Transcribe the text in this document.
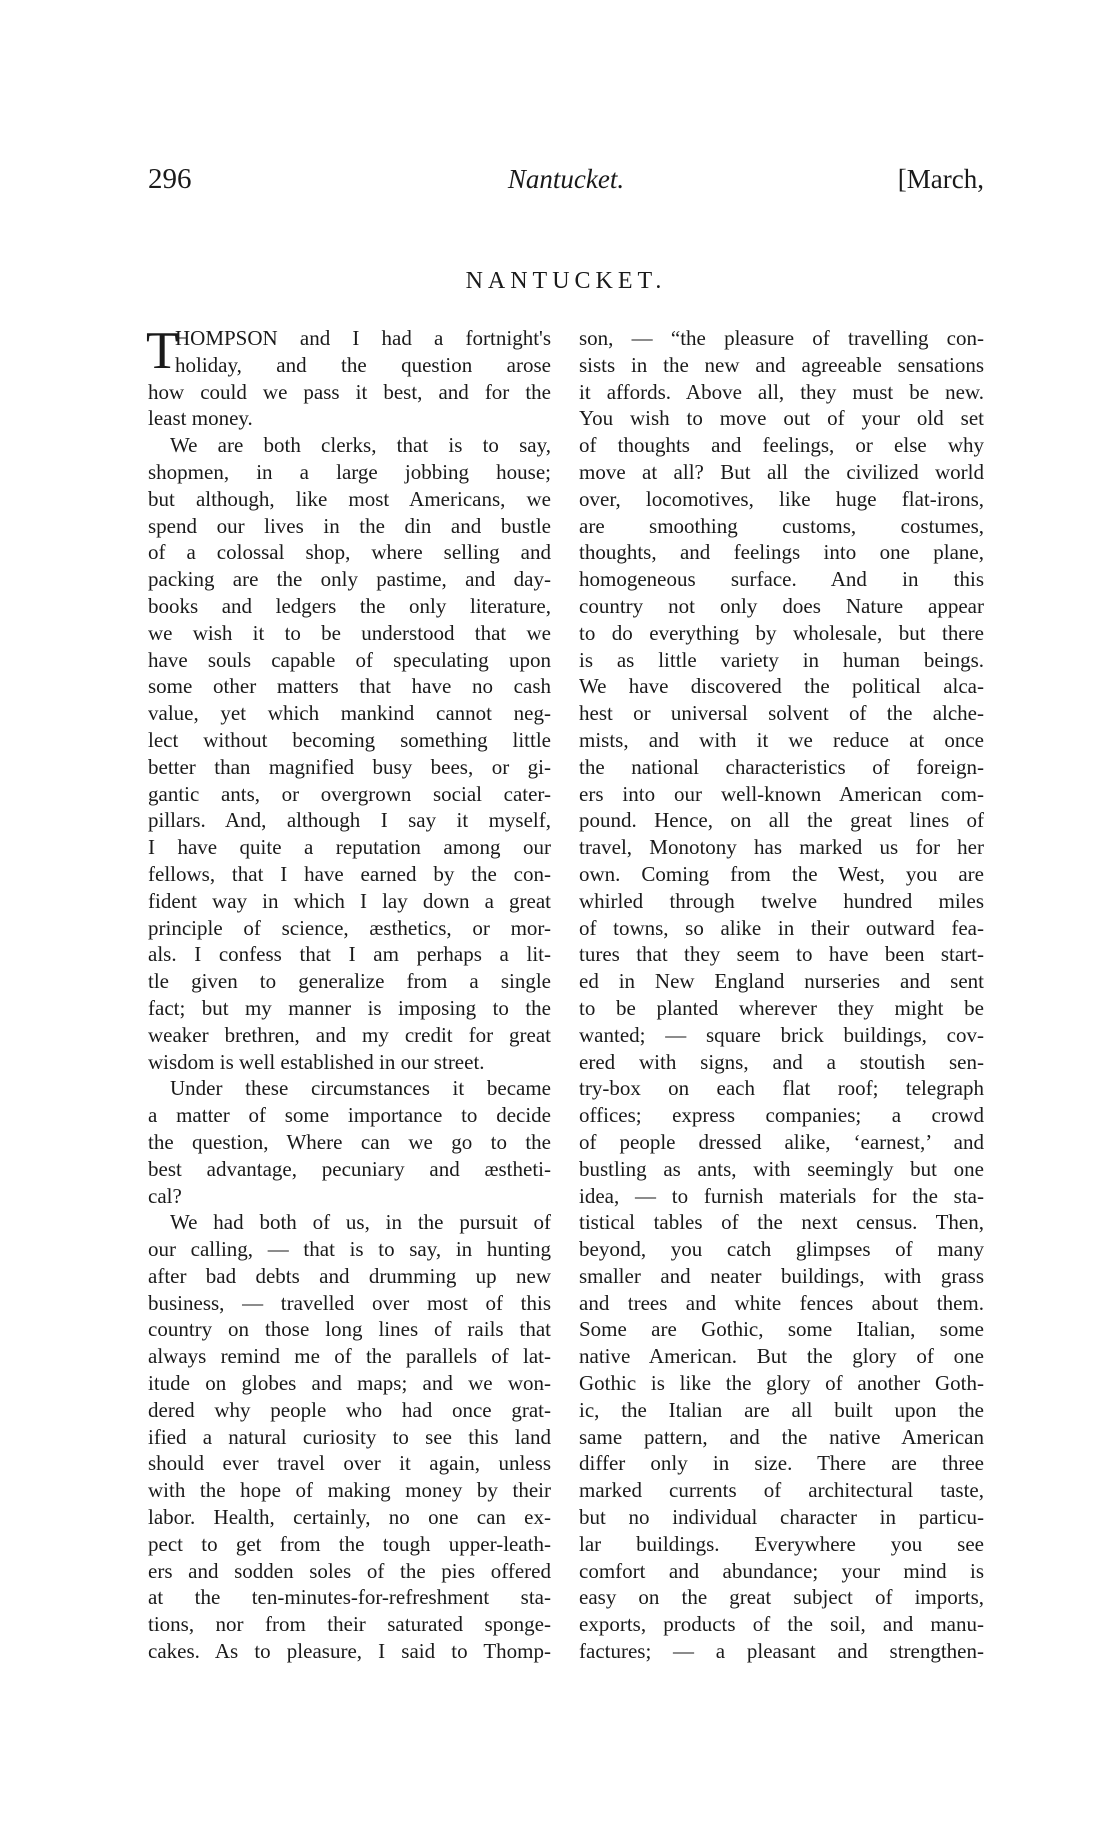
296	Nantucket.	[March,
NANTUCKET.
T
HOMPSON and I had a fortnight's
holiday, and the question arose
how could we pass it best, and for the
least money.
We are both clerks, that is to say,
shopmen, in a large jobbing house;
but although, like most Americans, we
spend our lives in the din and bustle
of a colossal shop, where selling and
packing are the only pastime, and day-
books and ledgers the only literature,
we wish it to be understood that we
have souls capable of speculating upon
some other matters that have no cash
value, yet which mankind cannot neg-
lect without becoming something little
better than magnified busy bees, or gi-
gantic ants, or overgrown social cater-
pillars. And, although I say it myself,
I have quite a reputation among our
fellows, that I have earned by the con-
fident way in which I lay down a great
principle of science, æsthetics, or mor-
als. I confess that I am perhaps a lit-
tle given to generalize from a single
fact; but my manner is imposing to the
weaker brethren, and my credit for great
wisdom is well established in our street.
Under these circumstances it became
a matter of some importance to decide
the question, Where can we go to the
best advantage, pecuniary and æstheti-
cal?
We had both of us, in the pursuit of
our calling, — that is to say, in hunting
after bad debts and drumming up new
business, — travelled over most of this
country on those long lines of rails that
always remind me of the parallels of lat-
itude on globes and maps; and we won-
dered why people who had once grat-
ified a natural curiosity to see this land
should ever travel over it again, unless
with the hope of making money by their
labor. Health, certainly, no one can ex-
pect to get from the tough upper-leath-
ers and sodden soles of the pies offered
at the ten-minutes-for-refreshment sta-
tions, nor from their saturated sponge-
cakes. As to pleasure, I said to Thomp-
son, — “the pleasure of travelling con-
sists in the new and agreeable sensations
it affords. Above all, they must be new.
You wish to move out of your old set
of thoughts and feelings, or else why
move at all? But all the civilized world
over, locomotives, like huge flat-irons,
are smoothing customs, costumes,
thoughts, and feelings into one plane,
homogeneous surface. And in this
country not only does Nature appear
to do everything by wholesale, but there
is as little variety in human beings.
We have discovered the political alca-
hest or universal solvent of the alche-
mists, and with it we reduce at once
the national characteristics of foreign-
ers into our well-known American com-
pound. Hence, on all the great lines of
travel, Monotony has marked us for her
own. Coming from the West, you are
whirled through twelve hundred miles
of towns, so alike in their outward fea-
tures that they seem to have been start-
ed in New England nurseries and sent
to be planted wherever they might be
wanted; — square brick buildings, cov-
ered with signs, and a stoutish sen-
try-box on each flat roof; telegraph
offices; express companies; a crowd
of people dressed alike, ‘earnest,’ and
bustling as ants, with seemingly but one
idea, — to furnish materials for the sta-
tistical tables of the next census. Then,
beyond, you catch glimpses of many
smaller and neater buildings, with grass
and trees and white fences about them.
Some are Gothic, some Italian, some
native American. But the glory of one
Gothic is like the glory of another Goth-
ic, the Italian are all built upon the
same pattern, and the native American
differ only in size. There are three
marked currents of architectural taste,
but no individual character in particu-
lar buildings. Everywhere you see
comfort and abundance; your mind is
easy on the great subject of imports,
exports, products of the soil, and manu-
factures; — a pleasant and strengthen-
